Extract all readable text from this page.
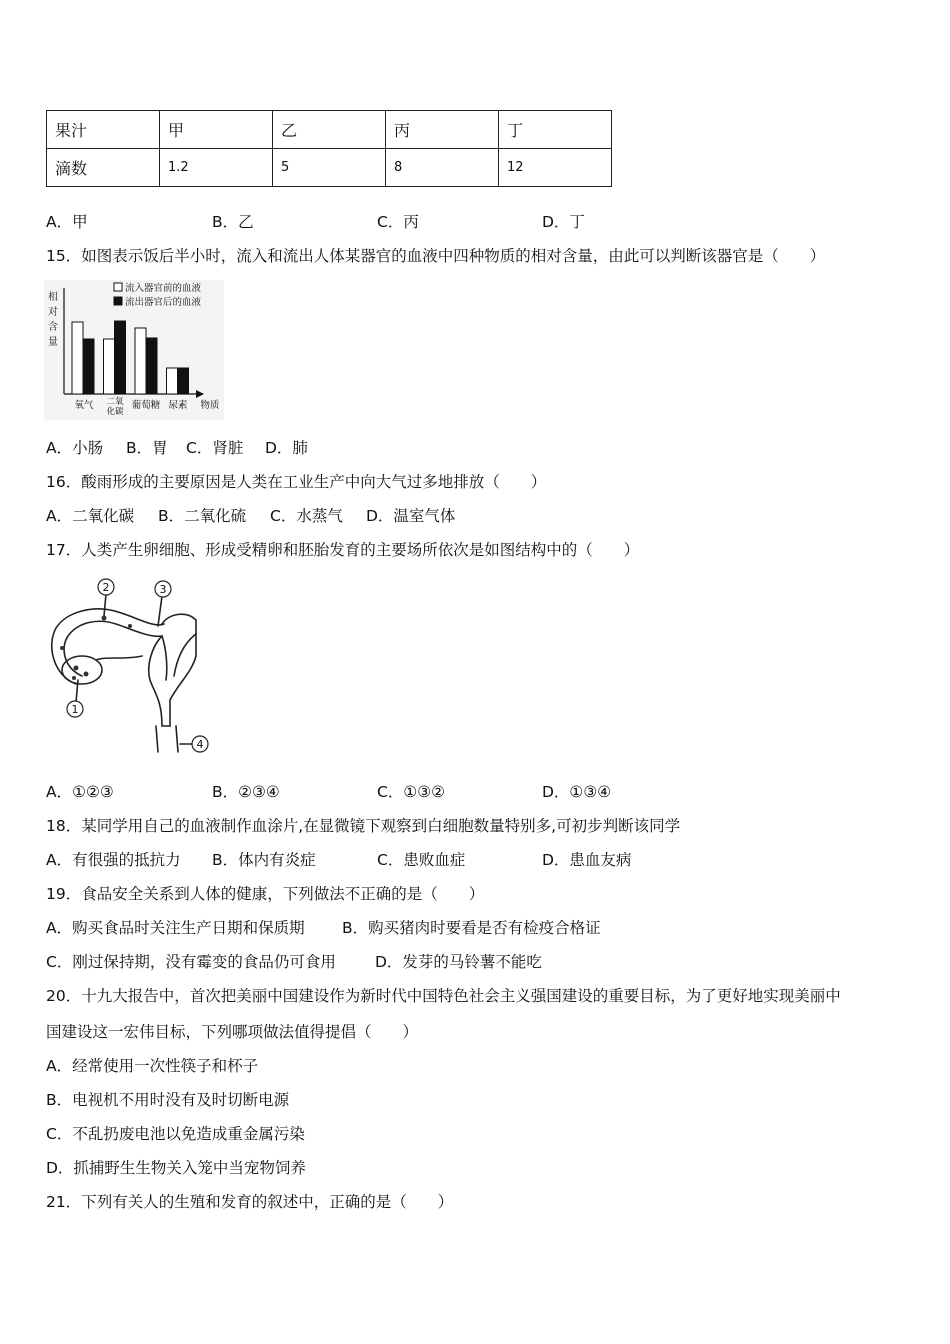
果汁	甲	乙	丙	丁
滴数	1.2	5	8	12
A．甲	B．乙	C．丙	D．丁
15．如图表示饭后半小时，流入和流出人体某器官的血液中四种物质的相对含量，由此可以判断该器官是（　　）
相
对
含
量
流入器官前的血液
流出器官后的血液
氧气 二氧
化碳
葡萄糖 尿素 物质
A．小肠 B．胃 C．肾脏 D．肺
16．酸雨形成的主要原因是人类在工业生产中向大气过多地排放（　　）
A．二氧化碳 B．二氧化硫 C．水蒸气 D．温室气体
17．人类产生卵细胞、形成受精卵和胚胎发育的主要场所依次是如图结构中的（　　）
2	3
1
4
A．①②③	B．②③④	C．①③②	D．①③④
18．某同学用自己的血液制作血涂片,在显微镜下观察到白细胞数量特别多,可初步判断该同学
A．有很强的抵抗力 B．体内有炎症	C．患败血症	D．患血友病
19．食品安全关系到人体的健康，下列做法不正确的是（　　）
A．购买食品时关注生产日期和保质期 B．购买猪肉时要看是否有检疫合格证
C．刚过保持期，没有霉变的食品仍可食用	D．发芽的马铃薯不能吃
20．十九大报告中，首次把美丽中国建设作为新时代中国特色社会主义强国建设的重要目标，为了更好地实现美丽中
国建设这一宏伟目标，下列哪项做法值得提倡（　　）
A．经常使用一次性筷子和杯子
B．电视机不用时没有及时切断电源
C．不乱扔废电池以免造成重金属污染
D．抓捕野生生物关入笼中当宠物饲养
21．下列有关人的生殖和发育的叙述中，正确的是（　　）
